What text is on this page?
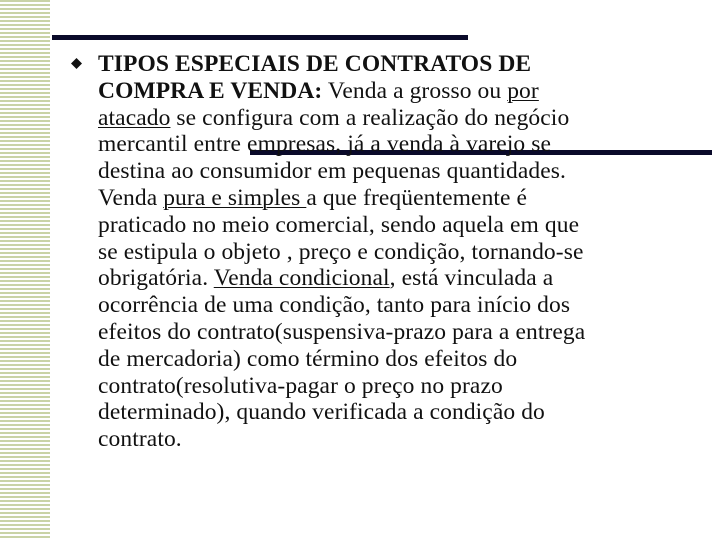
TIPOS ESPECIAIS DE CONTRATOS DE
COMPRA E VENDA: Venda a grosso ou por
atacado se configura com a realização do negócio
mercantil entre empresas, já a venda à varejo se
destina ao consumidor em pequenas quantidades.
Venda pura e simples a que freqüentemente é
praticado no meio comercial, sendo aquela em que
se estipula o objeto , preço e condição, tornando-se
obrigatória. Venda condicional, está vinculada a
ocorrência de uma condição, tanto para início dos
efeitos do contrato(suspensiva-prazo para a entrega
de mercadoria) como término dos efeitos do
contrato(resolutiva-pagar o preço no prazo
determinado), quando verificada a condição do
contrato.
